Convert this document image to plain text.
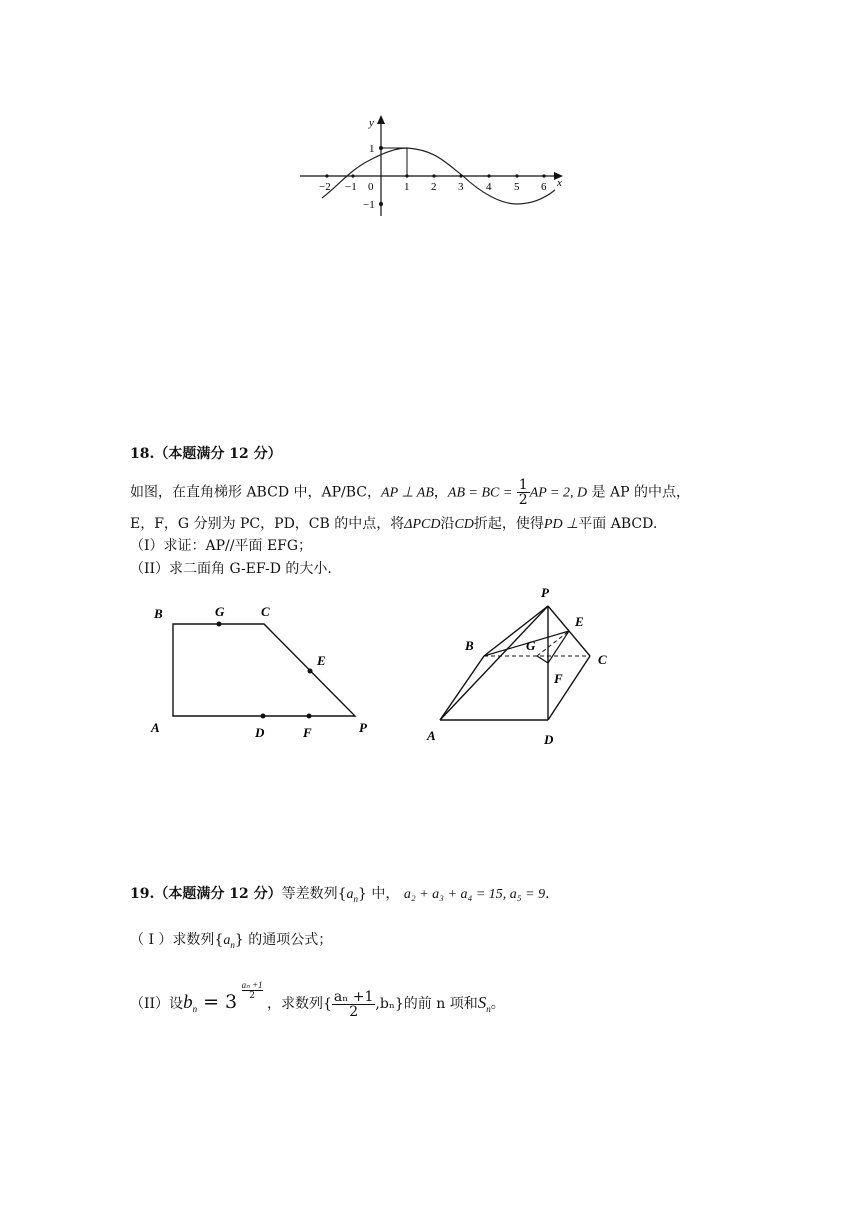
y
x
1
−1
−2 −1 0	1 2 3 4 5 6
18.（本题满分 12 分）
如图，在直角梯形 ABCD 中，AP/BC，AP ⊥ AB，AB = BC = $\frac{1}{2}$ AP = 2, D 是 AP 的中点，
E，F，G 分别为 PC，PD，CB 的中点，将ΔPCD沿CD折起，使得PD ⊥平面 ABCD.
（I）求证：AP//平面 EFG；
（II）求二面角 G-EF-D 的大小.
B	G	C
E
A	D	F	P
P
E
B	G
C
F
A	D
19.（本题满分 12 分）等差数列$\{a_n\}$ 中， a₂ + a₃ + a₄ = 15, a₅ = 9.
（ I ）求数列$\{a_n\}$ 的通项公式；
（II）设$b_n = 3$
$\frac{\text{aₙ +1}}{2}$
，求数列{ $\frac{\text{aₙ +1}}{2} ,b_n$}的前 n 项和$S_n$。
